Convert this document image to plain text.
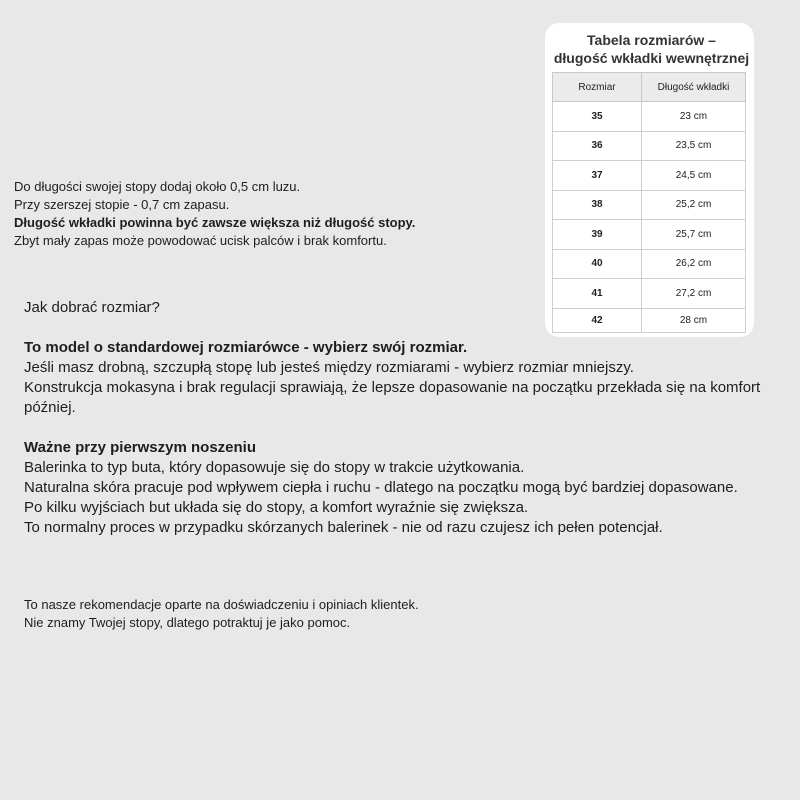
Tabela rozmiarów –
długość wkładki wewnętrznej
Rozmiar	Długość wkładki
35	23 cm
36	23,5 cm
37	24,5 cm
38	25,2 cm
39	25,7 cm
40	26,2 cm
41	27,2 cm
42	28 cm
Do długości swojej stopy dodaj około 0,5 cm luzu.
Przy szerszej stopie - 0,7 cm zapasu.
Długość wkładki powinna być zawsze większa niż długość stopy.
Zbyt mały zapas może powodować ucisk palców i brak komfortu.

Jak dobrać rozmiar?

To model o standardowej rozmiarówce - wybierz swój rozmiar.

Jeśli masz drobną, szczupłą stopę lub jesteś między rozmiarami - wybierz rozmiar mniejszy.

Konstrukcja mokasyna i brak regulacji sprawiają, że lepsze dopasowanie na początku przekłada się na komfort później.

Ważne przy pierwszym noszeniu

Balerinka to typ buta, który dopasowuje się do stopy w trakcie użytkowania.

Naturalna skóra pracuje pod wpływem ciepła i ruchu - dlatego na początku mogą być bardziej dopasowane.

Po kilku wyjściach but układa się do stopy, a komfort wyraźnie się zwiększa.

To normalny proces w przypadku skórzanych balerinek - nie od razu czujesz ich pełen potencjał.

To nasze rekomendacje oparte na doświadczeniu i opiniach klientek.
Nie znamy Twojej stopy, dlatego potraktuj je jako pomoc.
